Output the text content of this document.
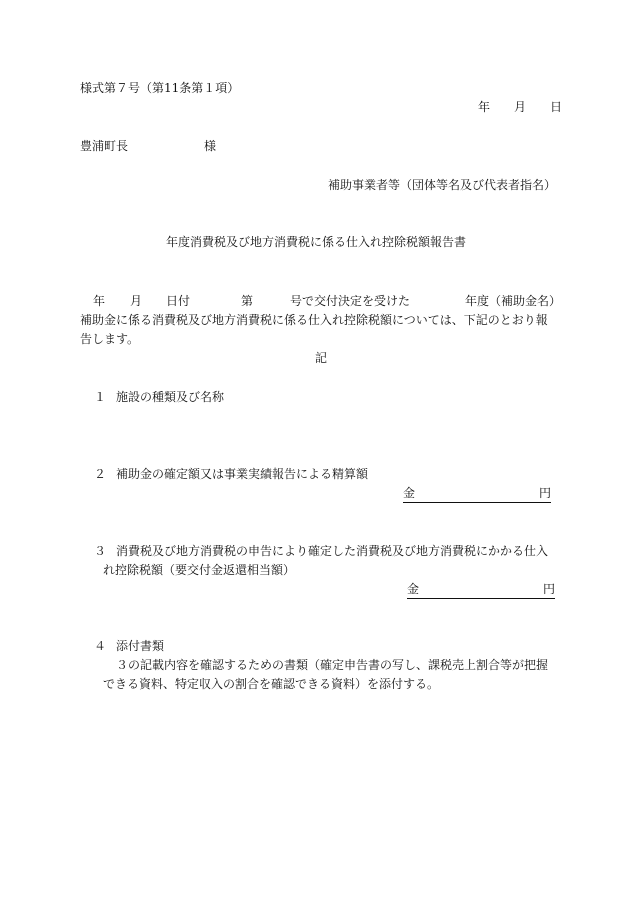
様式第７号（第11条第１項）
年 月 日
豊浦町長	様
補助事業者等（団体等名及び代表者指名）
年度消費税及び地方消費税に係る仕入れ控除税額報告書
年 月 日付	第	号で交付決定を受けた	年度（補助金名）
補助金に係る消費税及び地方消費税に係る仕入れ控除税額については、下記のとおり報
告します。
記
１ 施設の種類及び名称
２ 補助金の確定額又は事業実績報告による精算額
金	円
３ 消費税及び地方消費税の申告により確定した消費税及び地方消費税にかかる仕入
れ控除税額（要交付金返還相当額）
金	円
４ 添付書類
３の記載内容を確認するための書類（確定申告書の写し、課税売上割合等が把握
できる資料、特定収入の割合を確認できる資料）を添付する。
